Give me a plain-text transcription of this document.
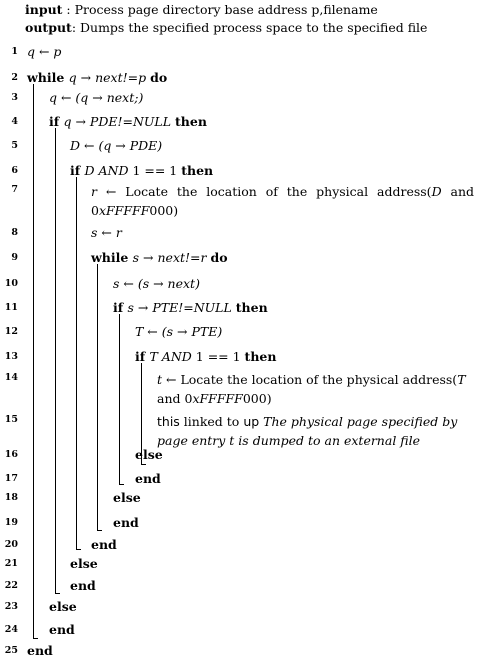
input : Process page directory base address p,filename
output: Dumps the specified process space to the specified file
1 q ← p
2 while q → next!=p do
3 q ← (q → next;)
4 if q → PDE!=NULL then
5	D ← (q → PDE)
6	if D AND 1 == 1 then
7	r ← Locate the location of the physical address(D and 0xFFFFF000)
8	s ← r
9	while s → next!=r do
10	s ← (s → next)
11	if s → PTE!=NULL then
12	T ← (s → PTE)
13	if T AND 1 == 1 then
14	t ← Locate the location of the physical address(T and 0xFFFFF000)
15	this linked to up The physical page specified by page entry t is dumped to an external file
16	else
17	end
18	else
19	end
20	end
21	else
22	end
23 else
24 end
25 end
